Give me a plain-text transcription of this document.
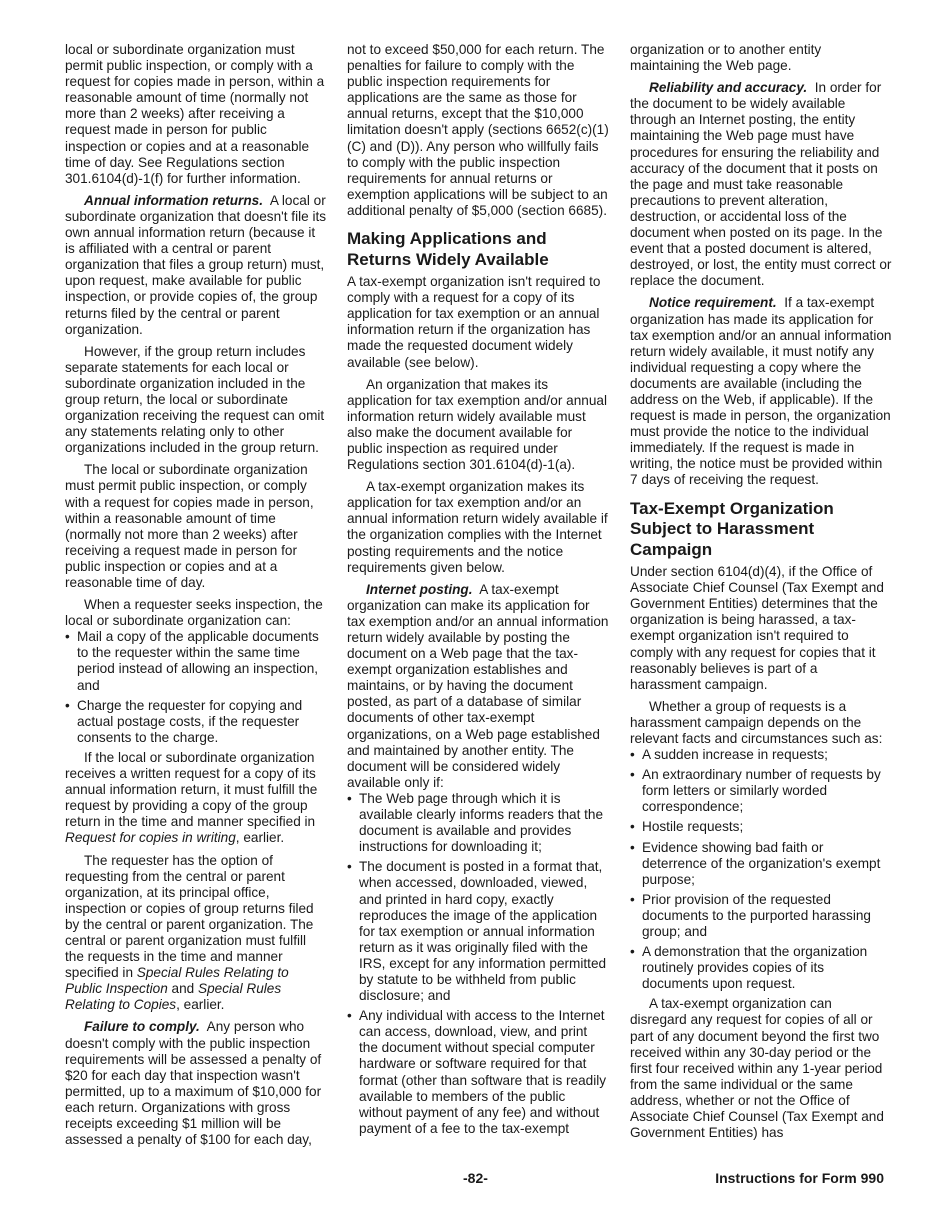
local or subordinate organization must permit public inspection, or comply with a request for copies made in person, within a reasonable amount of time (normally not more than 2 weeks) after receiving a request made in person for public inspection or copies and at a reasonable time of day. See Regulations section 301.6104(d)-1(f) for further information.

Annual information returns. A local or subordinate organization that doesn't file its own annual information return (because it is affiliated with a central or parent organization that files a group return) must, upon request, make available for public inspection, or provide copies of, the group returns filed by the central or parent organization.

However, if the group return includes separate statements for each local or subordinate organization included in the group return, the local or subordinate organization receiving the request can omit any statements relating only to other organizations included in the group return.

The local or subordinate organization must permit public inspection, or comply with a request for copies made in person, within a reasonable amount of time (normally not more than 2 weeks) after receiving a request made in person for public inspection or copies and at a reasonable time of day.

When a requester seeks inspection, the local or subordinate organization can:

• Mail a copy of the applicable documents to the requester within the same time period instead of allowing an inspection, and
• Charge the requester for copying and actual postage costs, if the requester consents to the charge.

If the local or subordinate organization receives a written request for a copy of its annual information return, it must fulfill the request by providing a copy of the group return in the time and manner specified in Request for copies in writing, earlier.

The requester has the option of requesting from the central or parent organization, at its principal office, inspection or copies of group returns filed by the central or parent organization. The central or parent organization must fulfill the requests in the time and manner specified in Special Rules Relating to Public Inspection and Special Rules Relating to Copies, earlier.

Failure to comply. Any person who doesn't comply with the public inspection requirements will be assessed a penalty of $20 for each day that inspection wasn't permitted, up to a maximum of $10,000 for each return. Organizations with gross receipts exceeding $1 million will be assessed a penalty of $100 for each day,

not to exceed $50,000 for each return. The penalties for failure to comply with the public inspection requirements for applications are the same as those for annual returns, except that the $10,000 limitation doesn't apply (sections 6652(c)(1)(C) and (D)). Any person who willfully fails to comply with the public inspection requirements for annual returns or exemption applications will be subject to an additional penalty of $5,000 (section 6685).

Making Applications and Returns Widely Available

A tax-exempt organization isn't required to comply with a request for a copy of its application for tax exemption or an annual information return if the organization has made the requested document widely available (see below).

An organization that makes its application for tax exemption and/or annual information return widely available must also make the document available for public inspection as required under Regulations section 301.6104(d)-1(a).

A tax-exempt organization makes its application for tax exemption and/or an annual information return widely available if the organization complies with the Internet posting requirements and the notice requirements given below.

Internet posting. A tax-exempt organization can make its application for tax exemption and/or an annual information return widely available by posting the document on a Web page that the tax-exempt organization establishes and maintains, or by having the document posted, as part of a database of similar documents of other tax-exempt organizations, on a Web page established and maintained by another entity. The document will be considered widely available only if:

• The Web page through which it is available clearly informs readers that the document is available and provides instructions for downloading it;
• The document is posted in a format that, when accessed, downloaded, viewed, and printed in hard copy, exactly reproduces the image of the application for tax exemption or annual information return as it was originally filed with the IRS, except for any information permitted by statute to be withheld from public disclosure; and
• Any individual with access to the Internet can access, download, view, and print the document without special computer hardware or software required for that format (other than software that is readily available to members of the public without payment of any fee) and without payment of a fee to the tax-exempt

organization or to another entity maintaining the Web page.

Reliability and accuracy. In order for the document to be widely available through an Internet posting, the entity maintaining the Web page must have procedures for ensuring the reliability and accuracy of the document that it posts on the page and must take reasonable precautions to prevent alteration, destruction, or accidental loss of the document when posted on its page. In the event that a posted document is altered, destroyed, or lost, the entity must correct or replace the document.

Notice requirement. If a tax-exempt organization has made its application for tax exemption and/or an annual information return widely available, it must notify any individual requesting a copy where the documents are available (including the address on the Web, if applicable). If the request is made in person, the organization must provide the notice to the individual immediately. If the request is made in writing, the notice must be provided within 7 days of receiving the request.

Tax-Exempt Organization Subject to Harassment Campaign

Under section 6104(d)(4), if the Office of Associate Chief Counsel (Tax Exempt and Government Entities) determines that the organization is being harassed, a tax-exempt organization isn't required to comply with any request for copies that it reasonably believes is part of a harassment campaign.

Whether a group of requests is a harassment campaign depends on the relevant facts and circumstances such as:

• A sudden increase in requests;
• An extraordinary number of requests by form letters or similarly worded correspondence;
• Hostile requests;
• Evidence showing bad faith or deterrence of the organization's exempt purpose;
• Prior provision of the requested documents to the purported harassing group; and
• A demonstration that the organization routinely provides copies of its documents upon request.

A tax-exempt organization can disregard any request for copies of all or part of any document beyond the first two received within any 30-day period or the first four received within any 1-year period from the same individual or the same address, whether or not the Office of Associate Chief Counsel (Tax Exempt and Government Entities) has

-82-	Instructions for Form 990
